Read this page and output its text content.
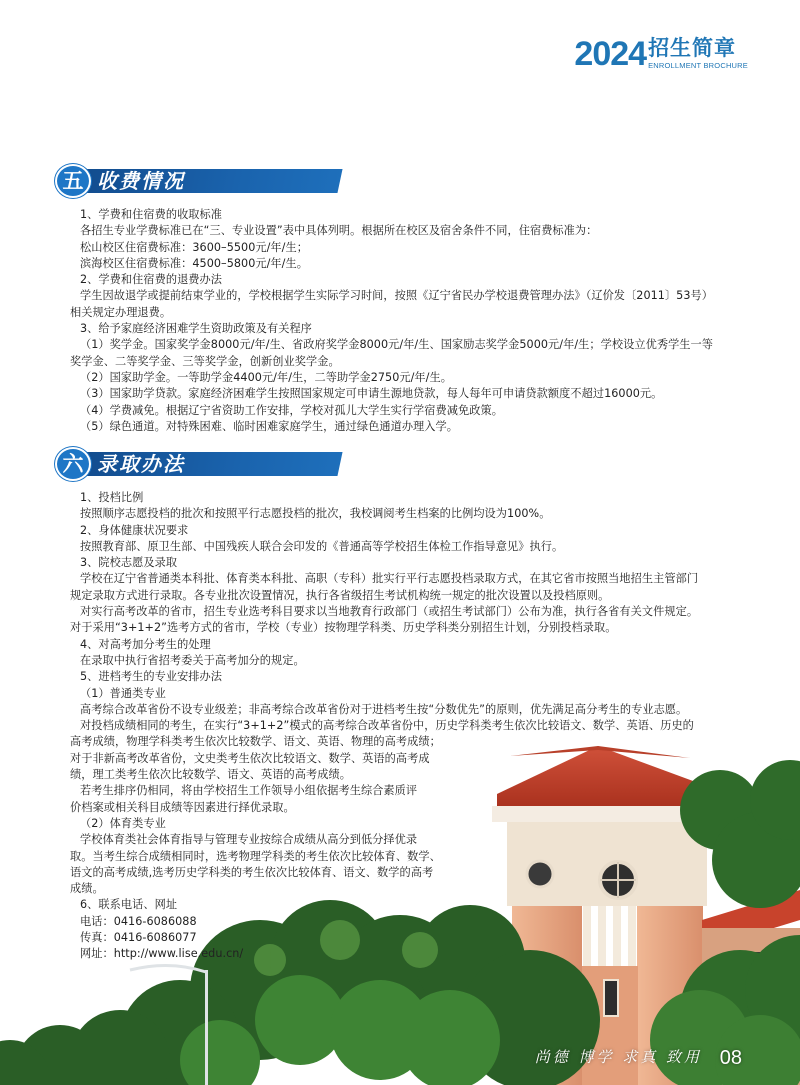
2024 招生简章
ENROLLMENT BROCHURE
五 收费情况

1、学费和住宿费的收取标准

各招生专业学费标准已在“三、专业设置”表中具体列明。根据所在校区及宿舍条件不同，住宿费标准为：

松山校区住宿费标准：3600–5500元/年/生；

滨海校区住宿费标准：4500–5800元/年/生。

2、学费和住宿费的退费办法

学生因故退学或提前结束学业的，学校根据学生实际学习时间，按照《辽宁省民办学校退费管理办法》（辽价发〔2011〕53号）

相关规定办理退费。

3、给予家庭经济困难学生资助政策及有关程序

（1）奖学金。国家奖学金8000元/年/生、省政府奖学金8000元/年/生、国家励志奖学金5000元/年/生；学校设立优秀学生一等

奖学金、二等奖学金、三等奖学金，创新创业奖学金。

（2）国家助学金。一等助学金4400元/年/生，二等助学金2750元/年/生。

（3）国家助学贷款。家庭经济困难学生按照国家规定可申请生源地贷款，每人每年可申请贷款额度不超过16000元。

（4）学费减免。根据辽宁省资助工作安排，学校对孤儿大学生实行学宿费减免政策。

（5）绿色通道。对特殊困难、临时困难家庭学生，通过绿色通道办理入学。

六 录取办法

1、投档比例

按照顺序志愿投档的批次和按照平行志愿投档的批次，我校调阅考生档案的比例均设为100%。

2、身体健康状况要求

按照教育部、原卫生部、中国残疾人联合会印发的《普通高等学校招生体检工作指导意见》执行。

3、院校志愿及录取

学校在辽宁省普通类本科批、体育类本科批、高职（专科）批实行平行志愿投档录取方式，在其它省市按照当地招生主管部门

规定录取方式进行录取。各专业批次设置情况，执行各省级招生考试机构统一规定的批次设置以及投档原则。

对实行高考改革的省市，招生专业选考科目要求以当地教育行政部门（或招生考试部门）公布为准，执行各省有关文件规定。

对于采用“3+1+2”选考方式的省市，学校（专业）按物理学科类、历史学科类分别招生计划，分别投档录取。

4、对高考加分考生的处理

在录取中执行省招考委关于高考加分的规定。

5、进档考生的专业安排办法

（1）普通类专业

高考综合改革省份不设专业级差；非高考综合改革省份对于进档考生按“分数优先”的原则，优先满足高分考生的专业志愿。

对投档成绩相同的考生，在实行“3+1+2”模式的高考综合改革省份中，历史学科类考生依次比较语文、数学、英语、历史的

高考成绩，物理学科类考生依次比较数学、语文、英语、物理的高考成绩；

对于非新高考改革省份，文史类考生依次比较语文、数学、英语的高考成

绩，理工类考生依次比较数学、语文、英语的高考成绩。

若考生排序仍相同，将由学校招生工作领导小组依据考生综合素质评

价档案或相关科目成绩等因素进行择优录取。

（2）体育类专业

学校体育类社会体育指导与管理专业按综合成绩从高分到低分择优录

取。当考生综合成绩相同时，选考物理学科类的考生依次比较体育、数学、

语文的高考成绩,选考历史学科类的考生依次比较体育、语文、数学的高考

成绩。

6、联系电话、网址

电话：0416-6086088

传真：0416-6086077

网址：http://www.lise.edu.cn/

尚德 博学 求真 致用 08
